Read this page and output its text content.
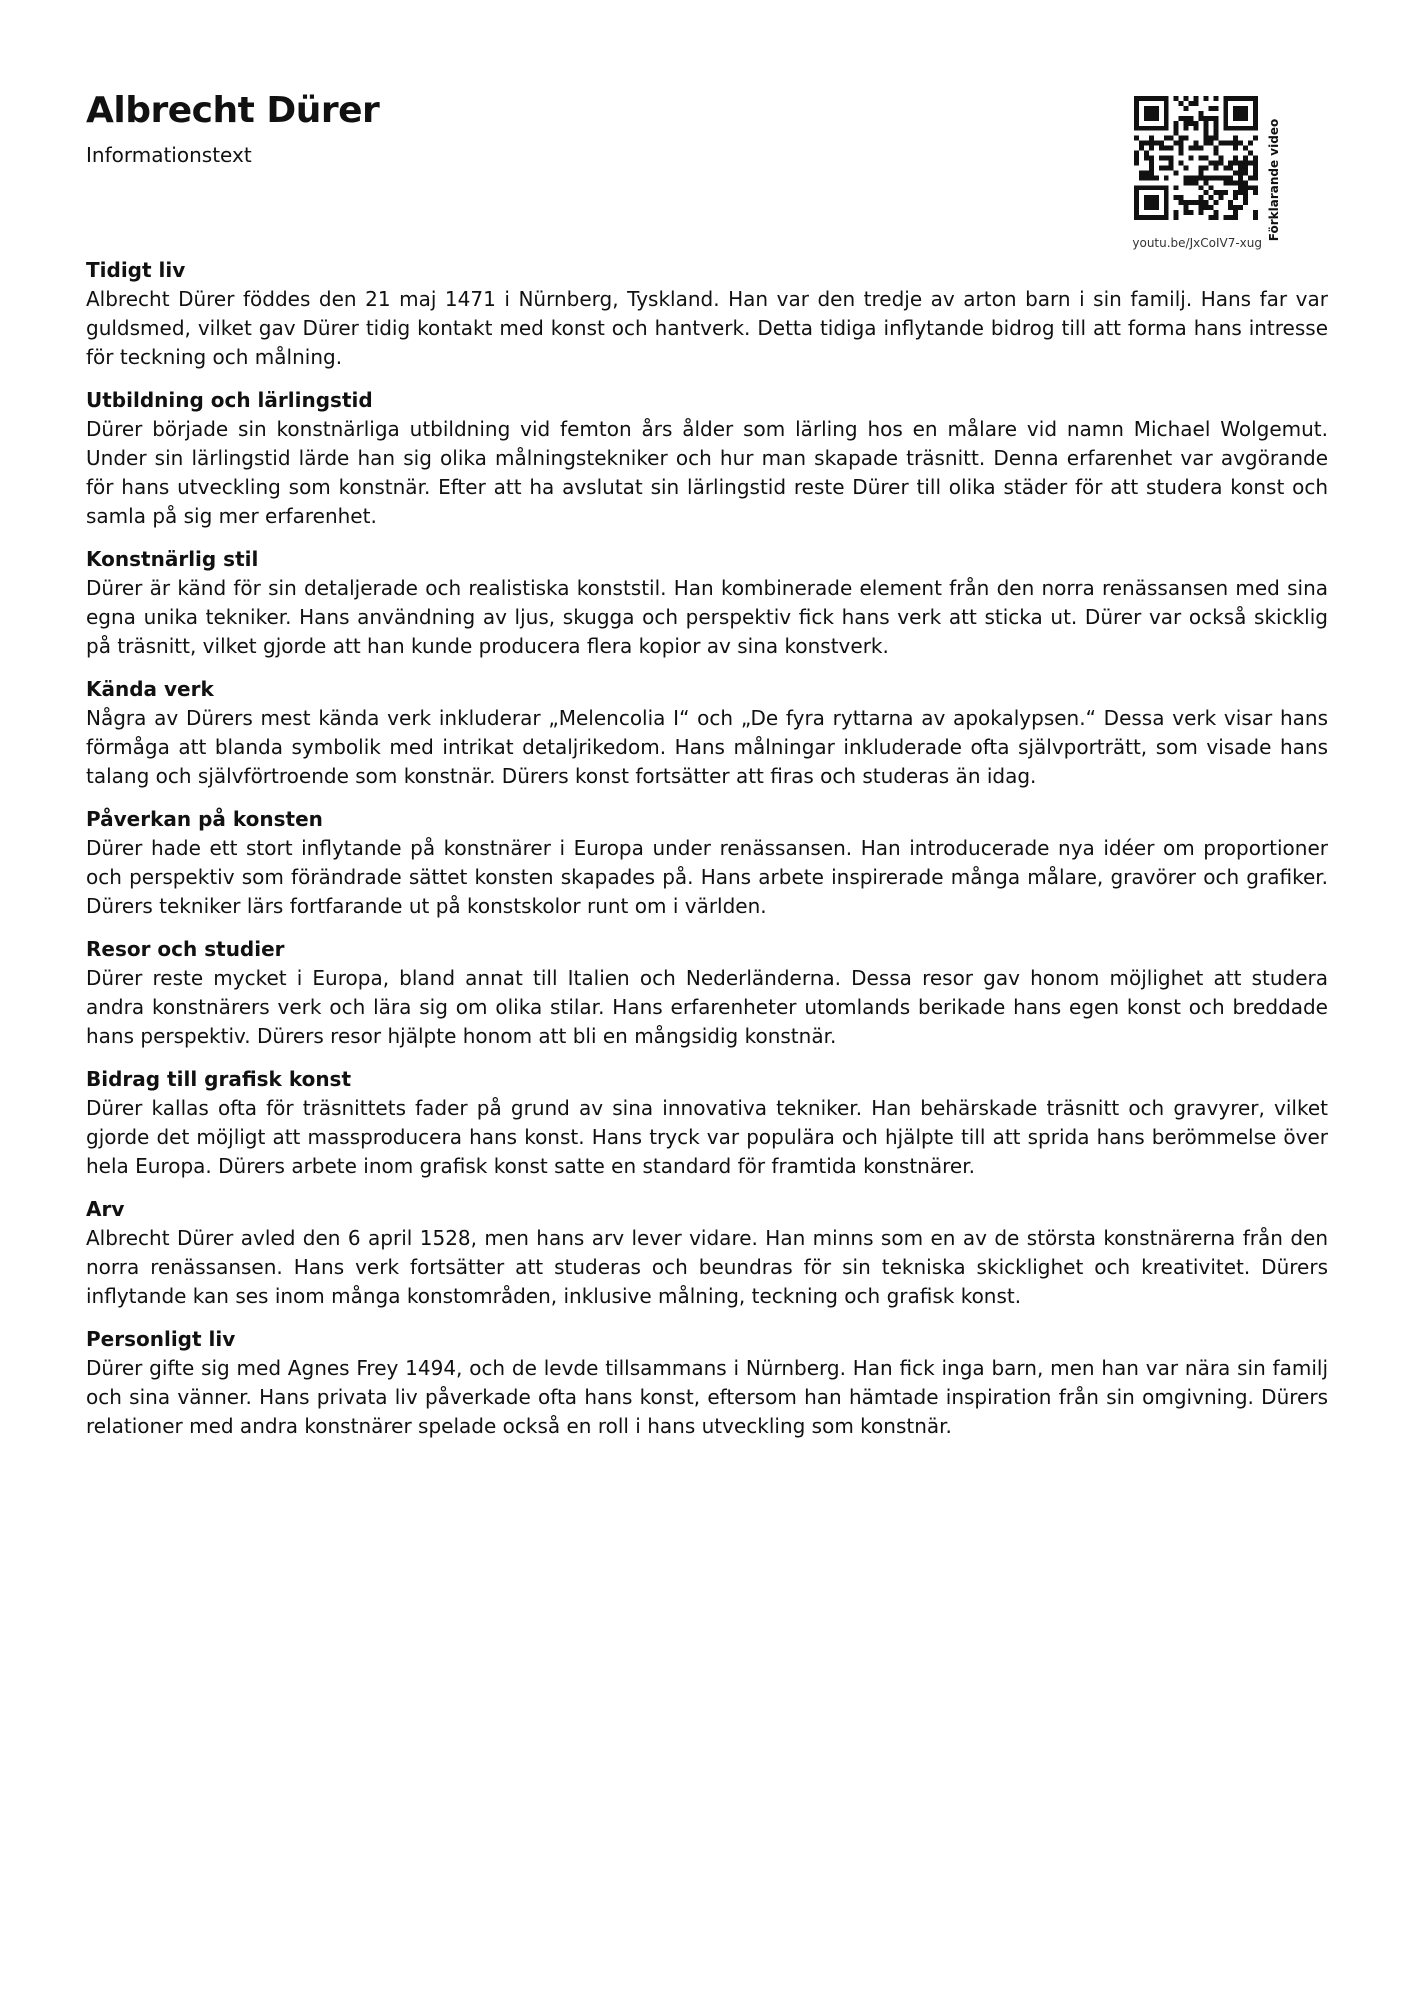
Albrecht Dürer

Informationstext	Förklarande video
youtu.be/JxCoIV7-xug
Tidigt liv

Albrecht Dürer föddes den 21 maj 1471 i Nürnberg, Tyskland. Han var den tredje av arton barn i sin familj. Hans far var guldsmed, vilket gav Dürer tidig kontakt med konst och hantverk. Detta tidiga inflytande bidrog till att forma hans intresse för teckning och målning.

Utbildning och lärlingstid

Dürer började sin konstnärliga utbildning vid femton års ålder som lärling hos en målare vid namn Michael Wolgemut. Under sin lärlingstid lärde han sig olika målningstekniker och hur man skapade träsnitt. Denna erfarenhet var avgörande för hans utveckling som konstnär. Efter att ha avslutat sin lärlingstid reste Dürer till olika städer för att studera konst och samla på sig mer erfarenhet.

Konstnärlig stil

Dürer är känd för sin detaljerade och realistiska konststil. Han kombinerade element från den norra renässansen med sina egna unika tekniker. Hans användning av ljus, skugga och perspektiv fick hans verk att sticka ut. Dürer var också skicklig på träsnitt, vilket gjorde att han kunde producera flera kopior av sina konstverk.

Kända verk

Några av Dürers mest kända verk inkluderar „Melencolia I“ och „De fyra ryttarna av apokalypsen.“ Dessa verk visar hans förmåga att blanda symbolik med intrikat detaljrikedom. Hans målningar inkluderade ofta självporträtt, som visade hans talang och självförtroende som konstnär. Dürers konst fortsätter att firas och studeras än idag.

Påverkan på konsten

Dürer hade ett stort inflytande på konstnärer i Europa under renässansen. Han introducerade nya idéer om proportioner och perspektiv som förändrade sättet konsten skapades på. Hans arbete inspirerade många målare, gravörer och grafiker. Dürers tekniker lärs fortfarande ut på konstskolor runt om i världen.

Resor och studier

Dürer reste mycket i Europa, bland annat till Italien och Nederländerna. Dessa resor gav honom möjlighet att studera andra konstnärers verk och lära sig om olika stilar. Hans erfarenheter utomlands berikade hans egen konst och breddade hans perspektiv. Dürers resor hjälpte honom att bli en mångsidig konstnär.

Bidrag till grafisk konst

Dürer kallas ofta för träsnittets fader på grund av sina innovativa tekniker. Han behärskade träsnitt och gravyrer, vilket gjorde det möjligt att massproducera hans konst. Hans tryck var populära och hjälpte till att sprida hans berömmelse över hela Europa. Dürers arbete inom grafisk konst satte en standard för framtida konstnärer.

Arv

Albrecht Dürer avled den 6 april 1528, men hans arv lever vidare. Han minns som en av de största konstnärerna från den norra renässansen. Hans verk fortsätter att studeras och beundras för sin tekniska skicklighet och kreativitet. Dürers inflytande kan ses inom många konstområden, inklusive målning, teckning och grafisk konst.

Personligt liv

Dürer gifte sig med Agnes Frey 1494, och de levde tillsammans i Nürnberg. Han fick inga barn, men han var nära sin familj och sina vänner. Hans privata liv påverkade ofta hans konst, eftersom han hämtade inspiration från sin omgivning. Dürers relationer med andra konstnärer spelade också en roll i hans utveckling som konstnär.
